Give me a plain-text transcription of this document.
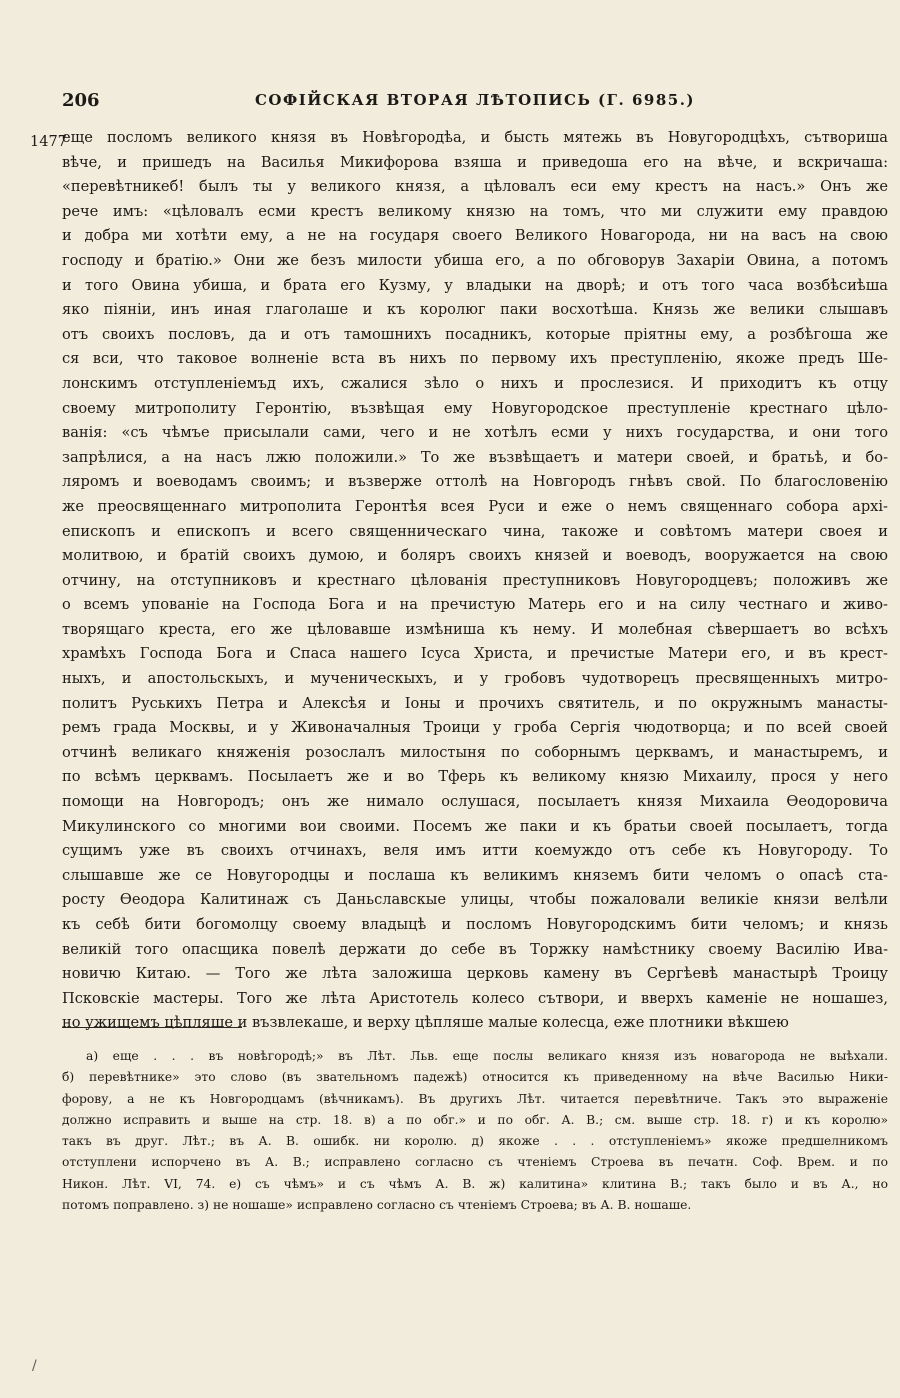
206	СОФІЙСКАЯ ВТОРАЯ ЛѢТОПИСЬ (Г. 6985.)
1477
еще посломъ великого князя въ Новѣгородѣа, и бысть мятежь въ Новугородцѣхъ, сътвориша
вѣче, и пришедъ на Василья Микифорова взяша и приведоша его на вѣче, и вскричаша:
«перевѣтникеб! былъ ты у великого князя, а цѣловалъ еси ему крестъ на насъ.» Онъ же
рече имъ: «цѣловалъ есми крестъ великому князю на томъ, что ми служити ему правдою
и добра ми хотѣти ему, а не на государя своего Великого Новагорода, ни на васъ на свою
господу и братію.» Они же безъ милости убиша его, а по обговорув Захаріи Овина, а потомъ
и того Овина убиша, и брата его Кузму, у владыки на дворѣ; и отъ того часа возбѣсиѣша
яко піяніи, инъ иная глаголаше и къ королюг паки восхотѣша. Князь же велики слышавъ
отъ своихъ пословъ, да и отъ тамошнихъ посадникъ, которые пріятны ему, а розбѣгоша же
ся вси, что таковое волненіе вста въ нихъ по первому ихъ преступленію, якоже предъ Ше-
лонскимъ отступленіемъд ихъ, сжалися зѣло о нихъ и прослезися. И приходитъ къ отцу
своему митрополиту Геронтію, възвѣщая ему Новугородское преступленіе крестнаго цѣло-
ванія: «съ чѣмъе присылали сами, чего и не хотѣлъ есми у нихъ государства, и они того
запрѣлися, а на насъ лжю положили.» То же възвѣщаетъ и матери своей, и братьѣ, и бо-
ляромъ и воеводамъ своимъ; и възверже оттолѣ на Новгородъ гнѣвъ свой. По благословенію
же преосвященнаго митрополита Геронтѣя всея Руси и еже о немъ священнаго собора архі-
епископъ и епископъ и всего священническаго чина, такоже и совѣтомъ матери своея и
молитвою, и братій своихъ думою, и боляръ своихъ князей и воеводъ, вооружается на свою
отчину, на отступниковъ и крестнаго цѣлованія преступниковъ Новугородцевъ; положивъ же
о всемъ упованіе на Господа Бога и на пречистую Матерь его и на силу честнаго и живо-
творящаго креста, его же цѣловавше измѣниша къ нему. И молебная сѣвершаетъ во всѣхъ
храмѣхъ Господа Бога и Спаса нашего Ісуса Христа, и пречистые Матери его, и въ крест-
ныхъ, и апостольскыхъ, и мученическыхъ, и у гробовъ чудотворецъ пресвященныхъ митро-
политъ Руськихъ Петра и Алексѣя и Іоны и прочихъ святитель, и по окружнымъ манасты-
ремъ града Москвы, и у Живоначалныя Троици у гроба Сергія чюдотворца; и по всей своей
отчинѣ великаго княженія розослалъ милостыня по соборнымъ церквамъ, и манастыремъ, и
по всѣмъ церквамъ. Посылаетъ же и во Тферь къ великому князю Михаилу, прося у него
помощи на Новгородъ; онъ же нимало ослушася, посылаетъ князя Михаила Ѳеодоровича
Микулинского со многими вои своими. Посемъ же паки и къ братьи своей посылаетъ, тогда
сущимъ уже въ своихъ отчинахъ, веля имъ итти коемуждо отъ себе къ Новугороду. То
слышавше же се Новугородцы и послаша къ великимъ княземъ бити челомъ о опасѣ ста-
росту Ѳеодора Калитинаж съ Даньславскые улицы, чтобы пожаловали великіе князи велѣли
къ себѣ бити богомолцу своему владыцѣ и посломъ Новугородскимъ бити челомъ; и князь
великій того опасщика повелѣ держати до себе въ Торжку намѣстнику своему Василію Ива-
новичю Китаю. — Того же лѣта заложиша церковь камену въ Сергѣевѣ манастырѣ Троицу
Псковскіе мастеры. Того же лѣта Аристотель колесо сътвори, и вверхъ каменіе не ношашез,
но ужищемъ цѣпляше и възвлекаше, и верху цѣпляше малые колесца, еже плотники вѣкшею
а) еще . . . въ новѣгородѣ;» въ Лѣт. Льв. еще послы великаго князя изъ новагорода не выѣхали.
б) перевѣтнике» это слово (въ звательномъ падежѣ) относится къ приведенному на вѣче Василью Ники-
форову, а не къ Новгородцамъ (вѣчникамъ). Въ другихъ Лѣт. читается перевѣтниче. Такъ это выраженіе
должно исправить и выше на стр. 18. в) а по обг.» и по обг. А. В.; см. выше стр. 18. г) и къ королю»
такъ въ друг. Лѣт.; въ А. В. ошибк. ни королю. д) якоже . . . отступленіемъ» якоже предшелникомъ
отступлени испорчено въ А. В.; исправлено согласно съ чтеніемъ Строева въ печатн. Соф. Врем. и по
Никон. Лѣт. VI, 74. е) съ чѣмъ» и съ чѣмъ А. В. ж) калитина» клитина В.; такъ было и въ А., но
потомъ поправлено. з) не ношаше» исправлено согласно съ чтеніемъ Строева; въ А. В. ношаше.
/
